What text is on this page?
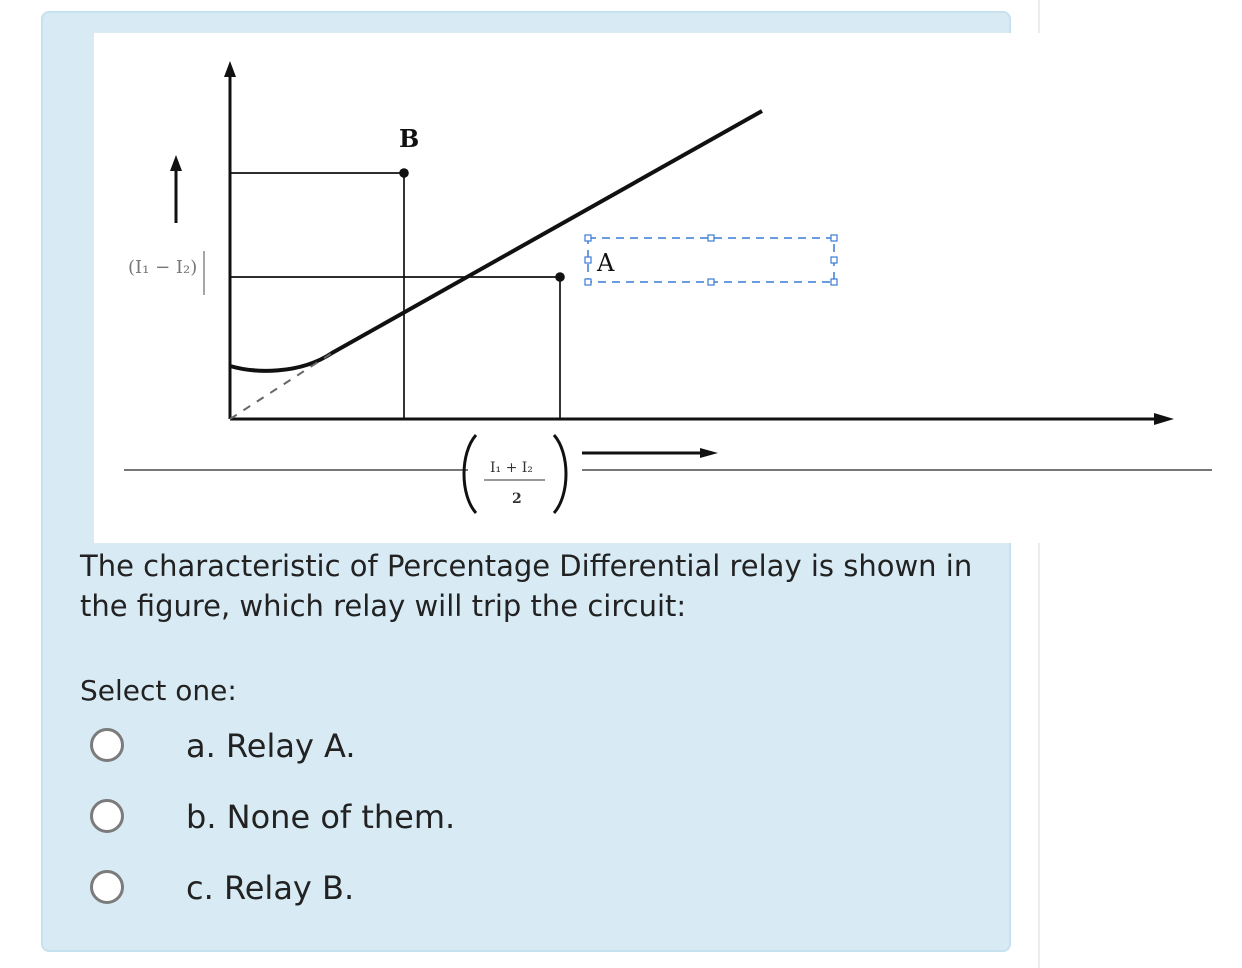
(I₁ − I₂)
B
A
I₁ + I₂
2

The characteristic of Percentage Differential relay is shown in the figure, which relay will trip the circuit:

Select one:
a. Relay A.
b. None of them.
c. Relay B.
